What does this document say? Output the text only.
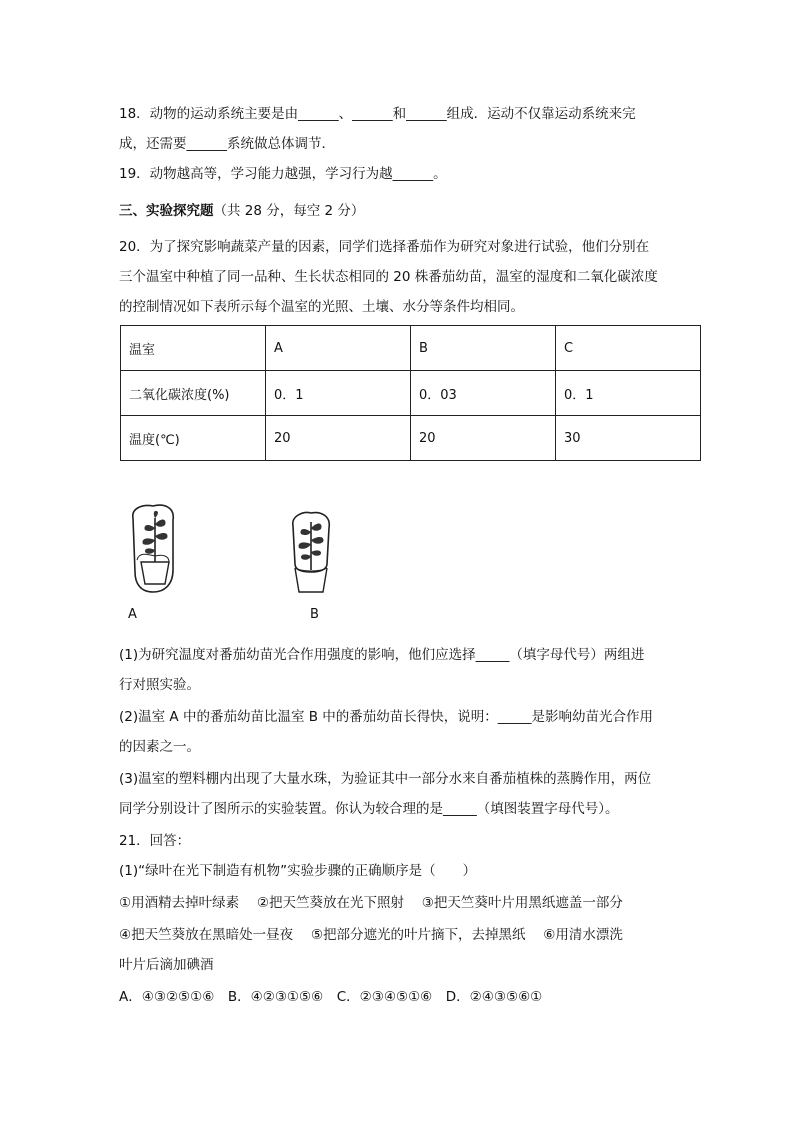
18．动物的运动系统主要是由______、______和______组成．运动不仅靠运动系统来完
成，还需要______系统做总体调节．
19．动物越高等，学习能力越强，学习行为越______。
三、实验探究题（共 28 分，每空 2 分）
20．为了探究影响蔬菜产量的因素，同学们选择番茄作为研究对象进行试验，他们分别在
三个温室中种植了同一品种、生长状态相同的 20 株番茄幼苗，温室的湿度和二氧化碳浓度
的控制情况如下表所示每个温室的光照、土壤、水分等条件均相同。
温室	A	B	C
二氧化碳浓度(%)	0．1	0．03	0．1
温度(℃)	20	20	30
A	B
(1)为研究温度对番茄幼苗光合作用强度的影响，他们应选择_____（填字母代号）两组进
行对照实验。
(2)温室 A 中的番茄幼苗比温室 B 中的番茄幼苗长得快，说明：_____是影响幼苗光合作用
的因素之一。
(3)温室的塑料棚内出现了大量水珠，为验证其中一部分水来自番茄植株的蒸腾作用，两位
同学分别设计了图所示的实验装置。你认为较合理的是_____（填图装置字母代号）。
21．回答：
(1)“绿叶在光下制造有机物”实验步骤的正确顺序是（　　）
①用酒精去掉叶绿素　 ②把天竺葵放在光下照射　 ③把天竺葵叶片用黑纸遮盖一部分
④把天竺葵放在黑暗处一昼夜　 ⑤把部分遮光的叶片摘下，去掉黑纸　 ⑥用清水漂洗
叶片后滴加碘酒
A．④③②⑤①⑥　B．④②③①⑤⑥　C．②③④⑤①⑥　D．②④③⑤⑥①
